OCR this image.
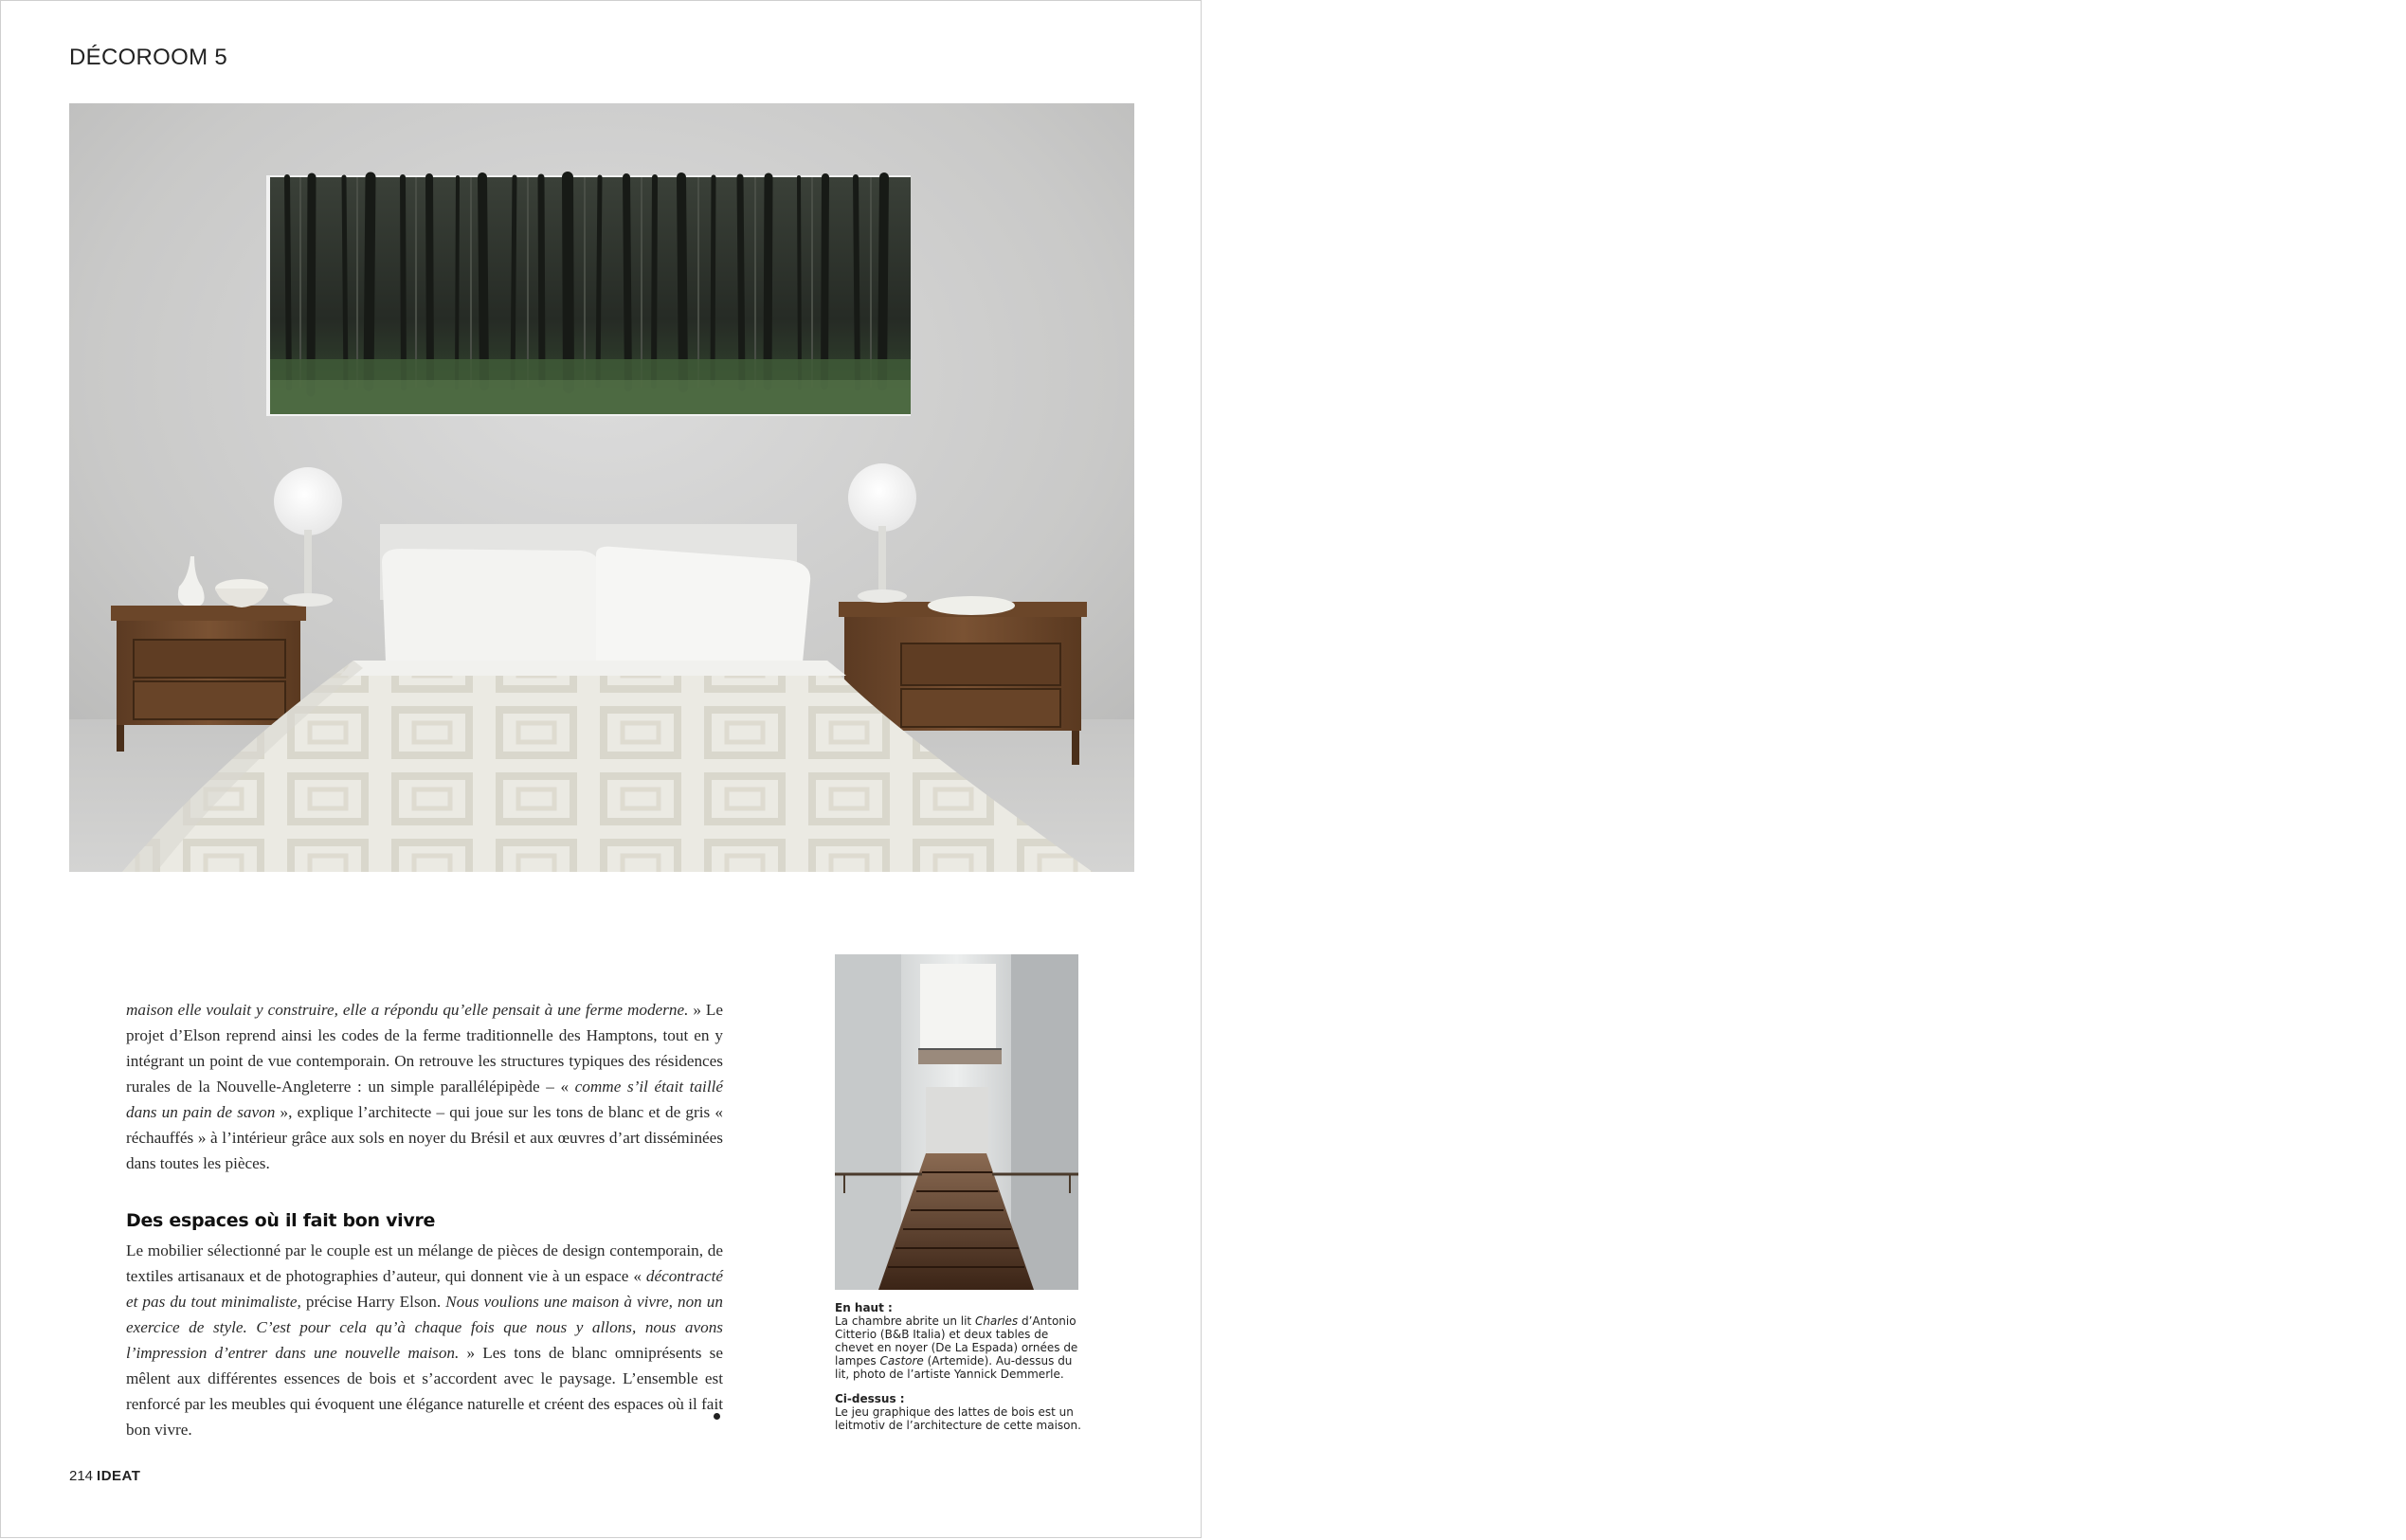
DÉCOROOM 5

maison elle voulait y construire, elle a répondu qu’elle pensait à une ferme moderne. » Le projet d’Elson reprend ainsi les codes de la ferme traditionnelle des Hamptons, tout en y intégrant un point de vue contemporain. On retrouve les structures typiques des résidences rurales de la Nouvelle-Angleterre : un simple parallélépipède – « comme s’il était taillé dans un pain de savon », explique l’architecte – qui joue sur les tons de blanc et de gris « réchauffés » à l’intérieur grâce aux sols en noyer du Brésil et aux œuvres d’art disséminées dans toutes les pièces.

Des espaces où il fait bon vivre

Le mobilier sélectionné par le couple est un mélange de pièces de design contemporain, de textiles artisanaux et de photographies d’auteur, qui donnent vie à un espace « décontracté et pas du tout minimaliste, précise Harry Elson. Nous voulions une maison à vivre, non un exercice de style. C’est pour cela qu’à chaque fois que nous y allons, nous avons l’impression d’entrer dans une nouvelle maison. » Les tons de blanc omniprésents se mêlent aux différentes essences de bois et s’accordent avec le paysage. L’ensemble est renforcé par les meubles qui évoquent une élégance naturelle et créent des espaces où il fait bon vivre.

En haut :
La chambre abrite un lit Charles d’Antonio Citterio (B&B Italia) et deux tables de chevet en noyer (De La Espada) ornées de lampes Castore (Artemide). Au-dessus du lit, photo de l’artiste Yannick Demmerle.

Ci-dessus :
Le jeu graphique des lattes de bois est un leitmotiv de l’architecture de cette maison.

214 IDEAT
